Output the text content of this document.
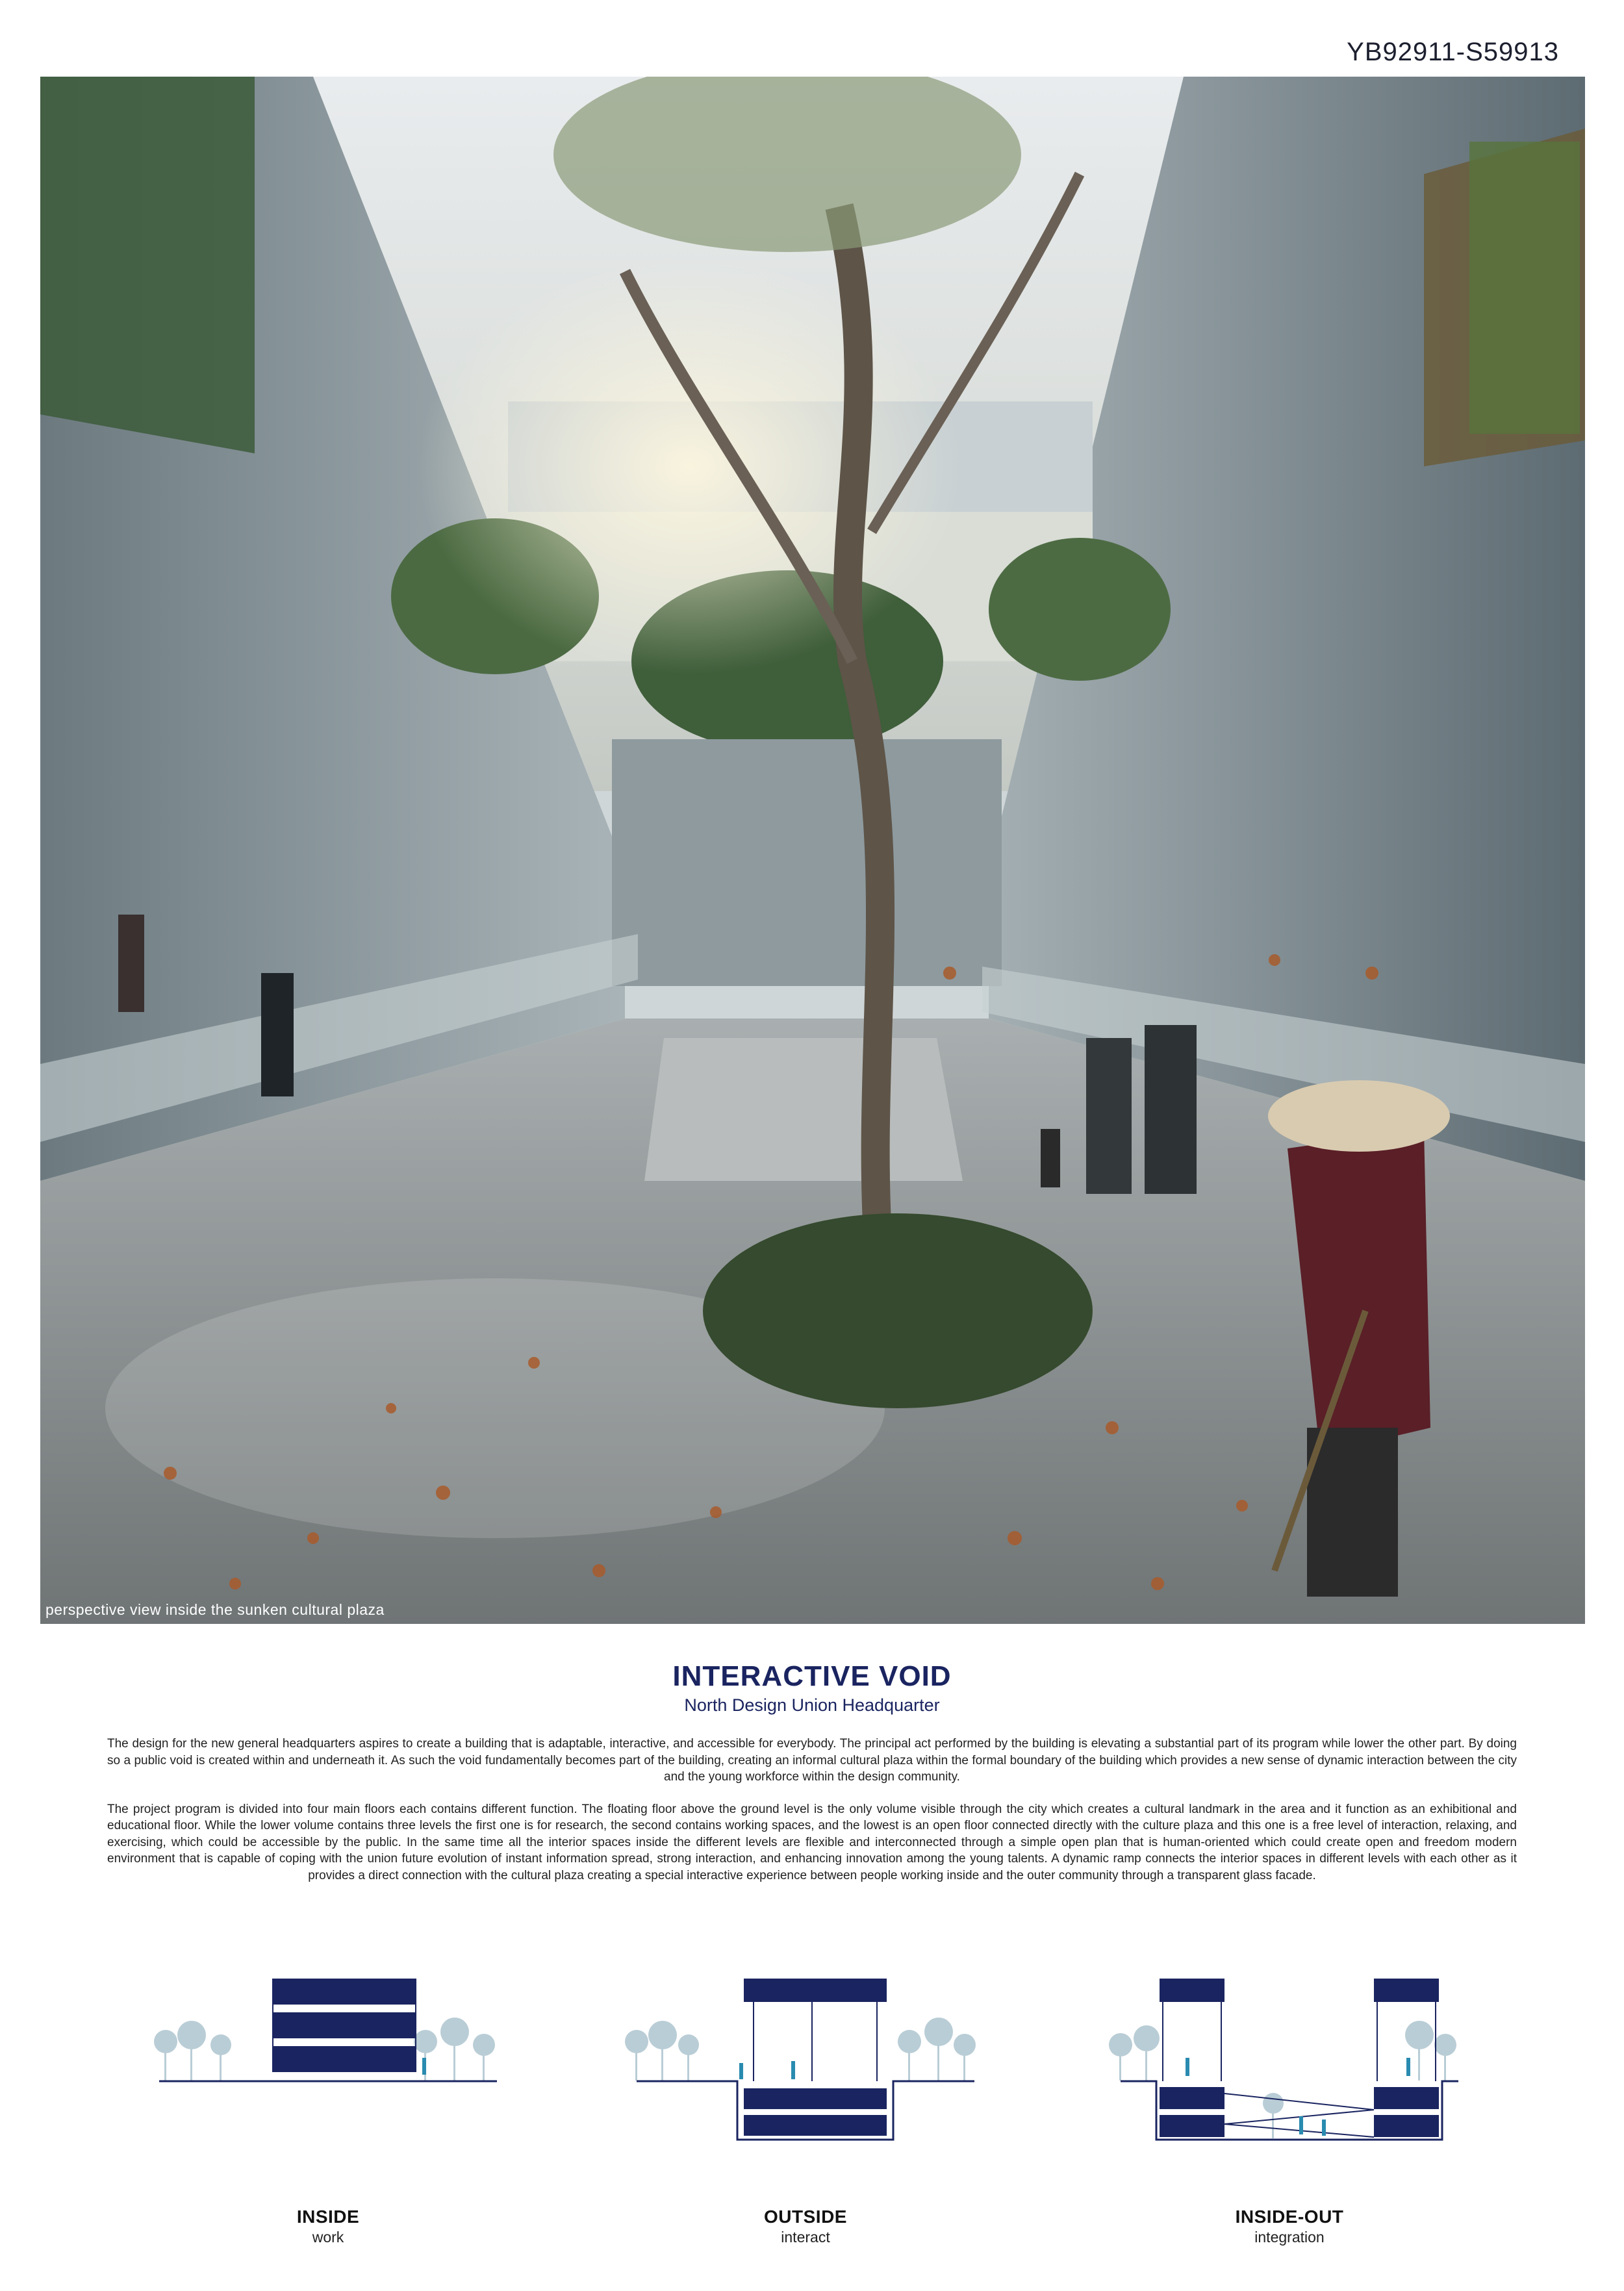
YB92911-S59913
perspective view inside the sunken cultural plaza
INTERACTIVE VOID
North Design Union Headquarter

The design for the new general headquarters aspires to create a building that is adaptable, interactive, and accessible for everybody. The principal act performed by the building is elevating a substantial part of its program while lower the other part. By doing so a public void is created within and underneath it. As such the void fundamentally becomes part of the building, creating an informal cultural plaza within the formal boundary of the building which provides a new sense of dynamic interaction between the city and the young workforce within the design community.

The project program is divided into four main floors each contains different function. The floating floor above the ground level is the only volume visible through the city which creates a cultural landmark in the area and it function as an exhibitional and educational floor. While the lower volume contains three levels the first one is for research, the second contains working spaces, and the lowest is an open floor connected directly with the culture plaza and this one is a free level of interaction, relaxing, and exercising, which could be accessible by the public. In the same time all the interior spaces inside the different levels are flexible and interconnected through a simple open plan that is human-oriented which could create open and freedom modern environment that is capable of coping with the union future evolution of instant information spread, strong interaction, and enhancing innovation among the young talents. A dynamic ramp connects the interior spaces in different levels with each other as it provides a direct connection with the cultural plaza creating a special interactive experience between people working inside and the outer community through a transparent glass facade.

INSIDE
work
OUTSIDE
interact
INSIDE-OUT
integration
